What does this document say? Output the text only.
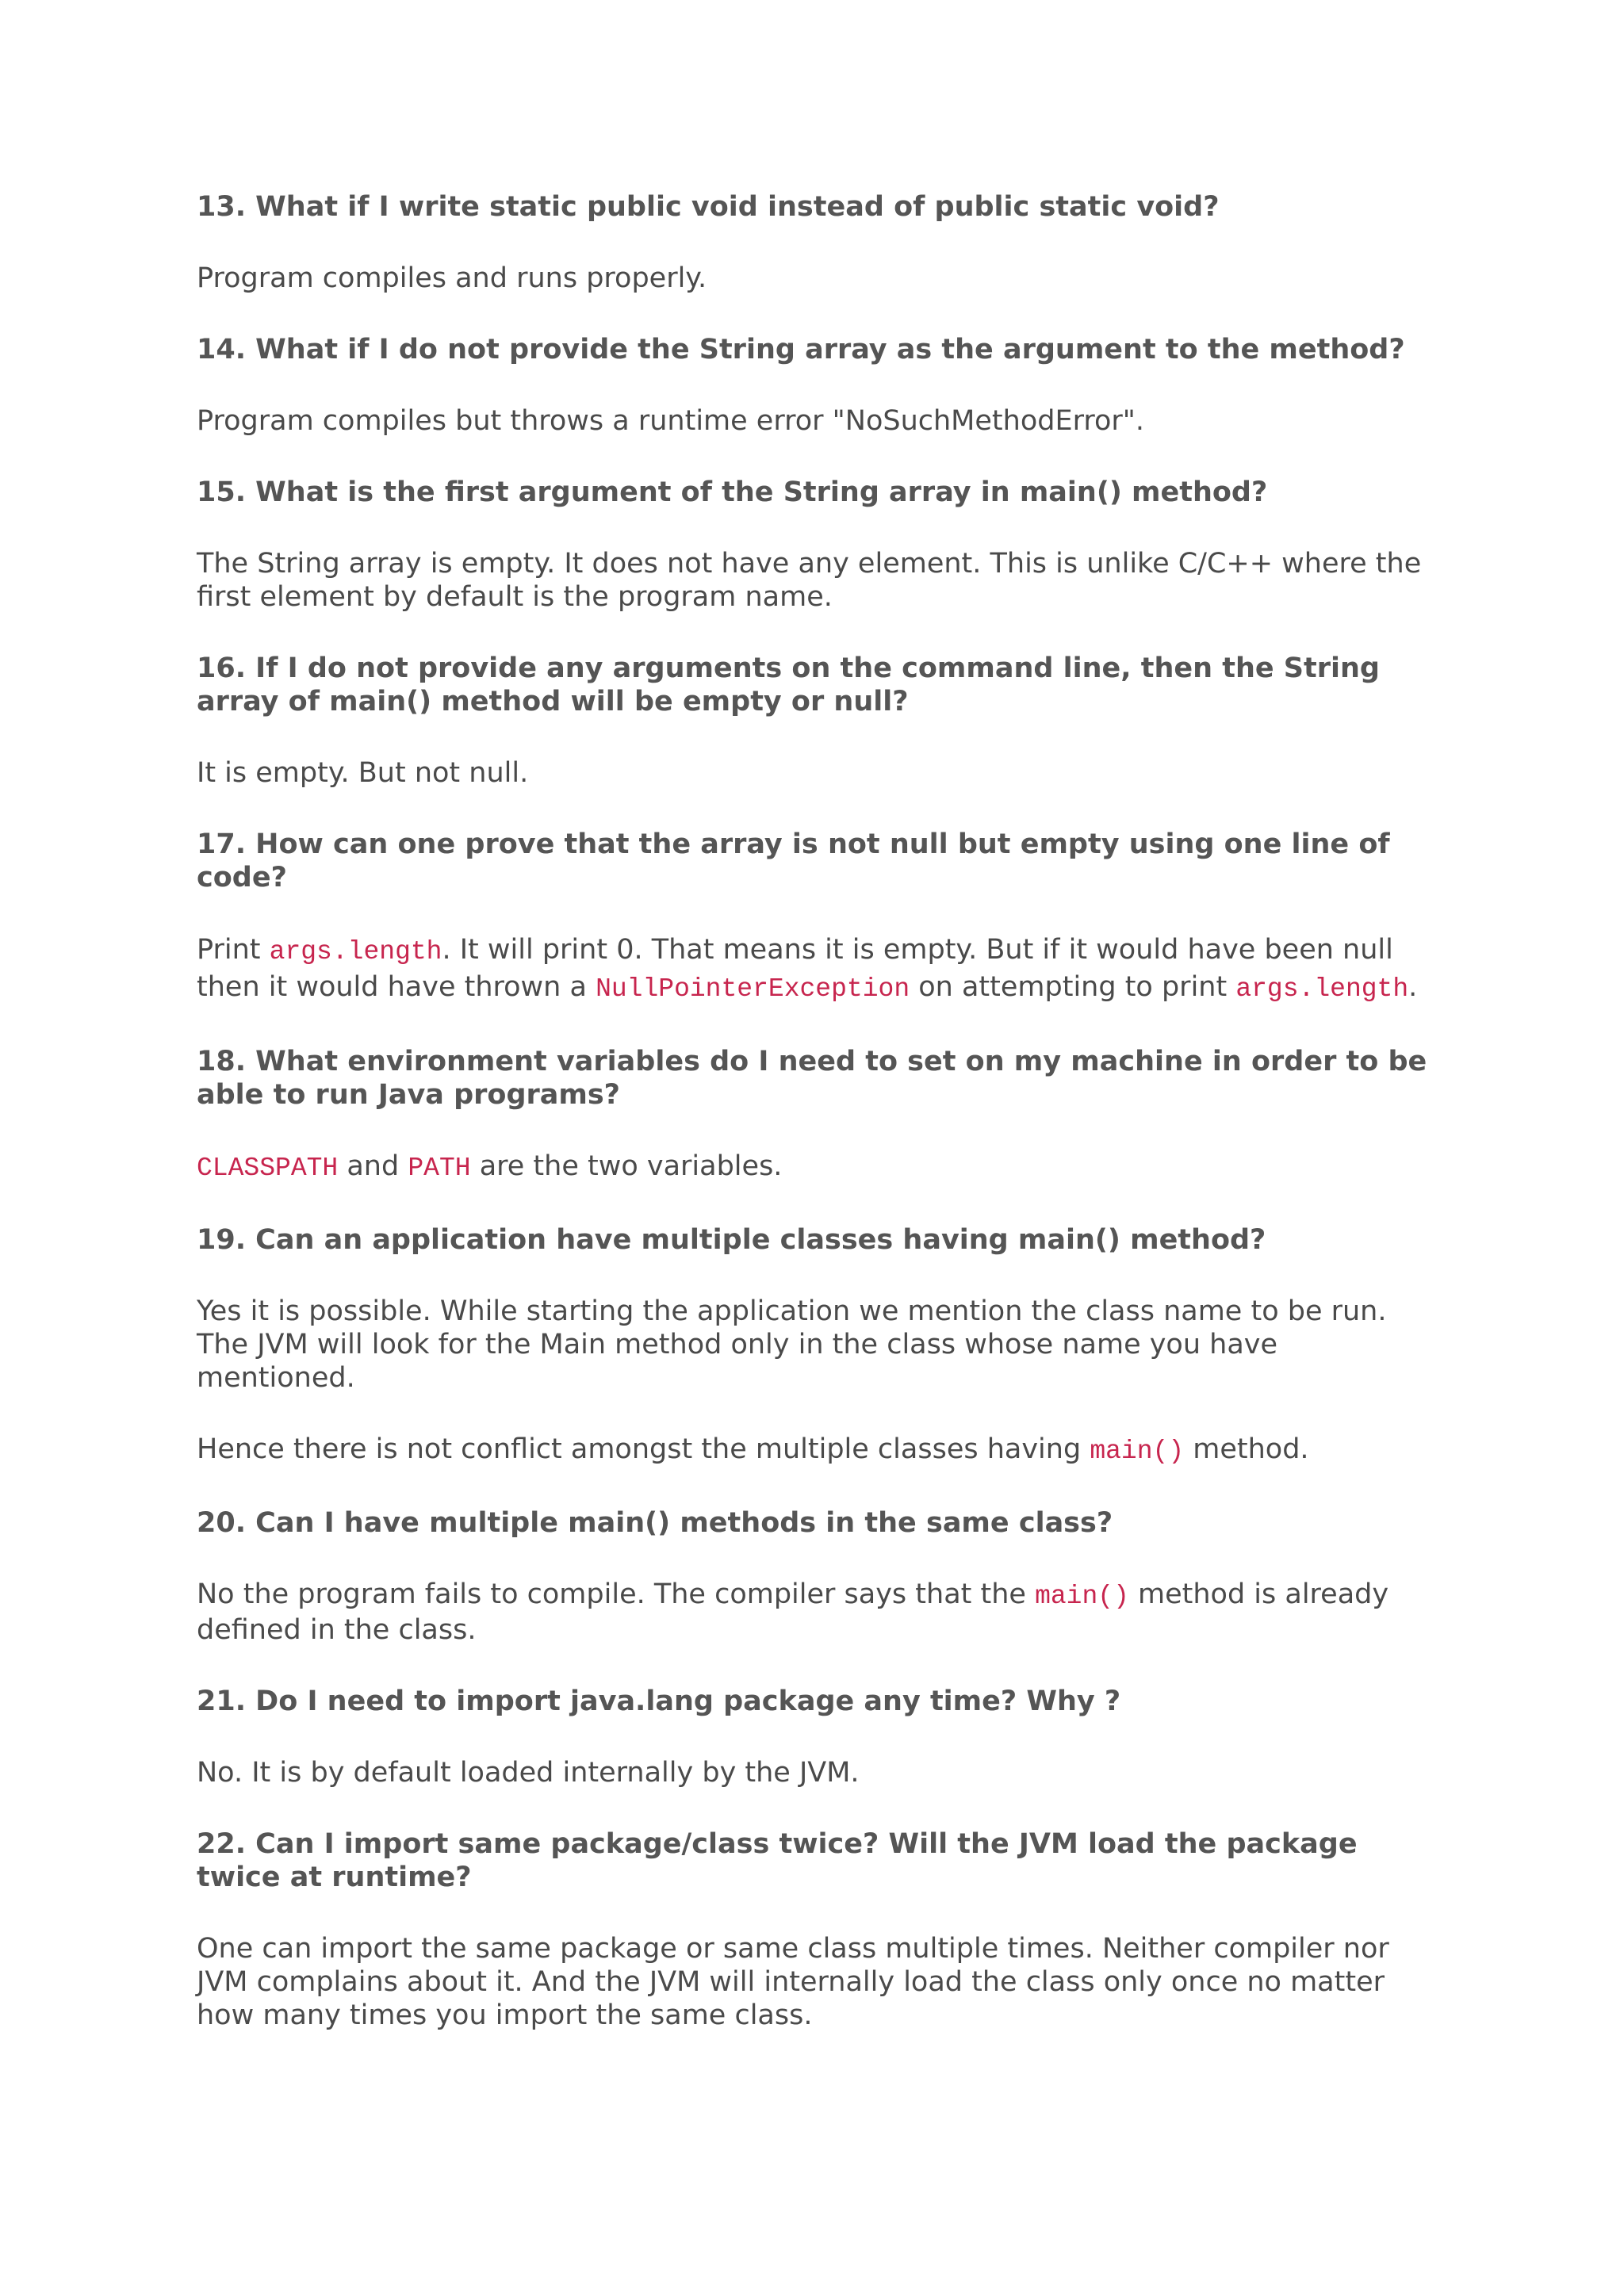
13. What if I write static public void instead of public static void?

Program compiles and runs properly.

14. What if I do not provide the String array as the argument to the method?

Program compiles but throws a runtime error "NoSuchMethodError".

15. What is the first argument of the String array in main() method?

The String array is empty. It does not have any element. This is unlike C/C++ where the first element by default is the program name.

16. If I do not provide any arguments on the command line, then the String array of main() method will be empty or null?

It is empty. But not null.

17. How can one prove that the array is not null but empty using one line of code?

Print args.length. It will print 0. That means it is empty. But if it would have been null then it would have thrown a NullPointerException on attempting to print args.length.

18. What environment variables do I need to set on my machine in order to be able to run Java programs?

CLASSPATH and PATH are the two variables.

19. Can an application have multiple classes having main() method?

Yes it is possible. While starting the application we mention the class name to be run. The JVM will look for the Main method only in the class whose name you have mentioned.

Hence there is not conflict amongst the multiple classes having main() method.

20. Can I have multiple main() methods in the same class?

No the program fails to compile. The compiler says that the main() method is already defined in the class.

21. Do I need to import java.lang package any time? Why ?

No. It is by default loaded internally by the JVM.

22. Can I import same package/class twice? Will the JVM load the package twice at runtime?

One can import the same package or same class multiple times. Neither compiler nor JVM complains about it. And the JVM will internally load the class only once no matter how many times you import the same class.
